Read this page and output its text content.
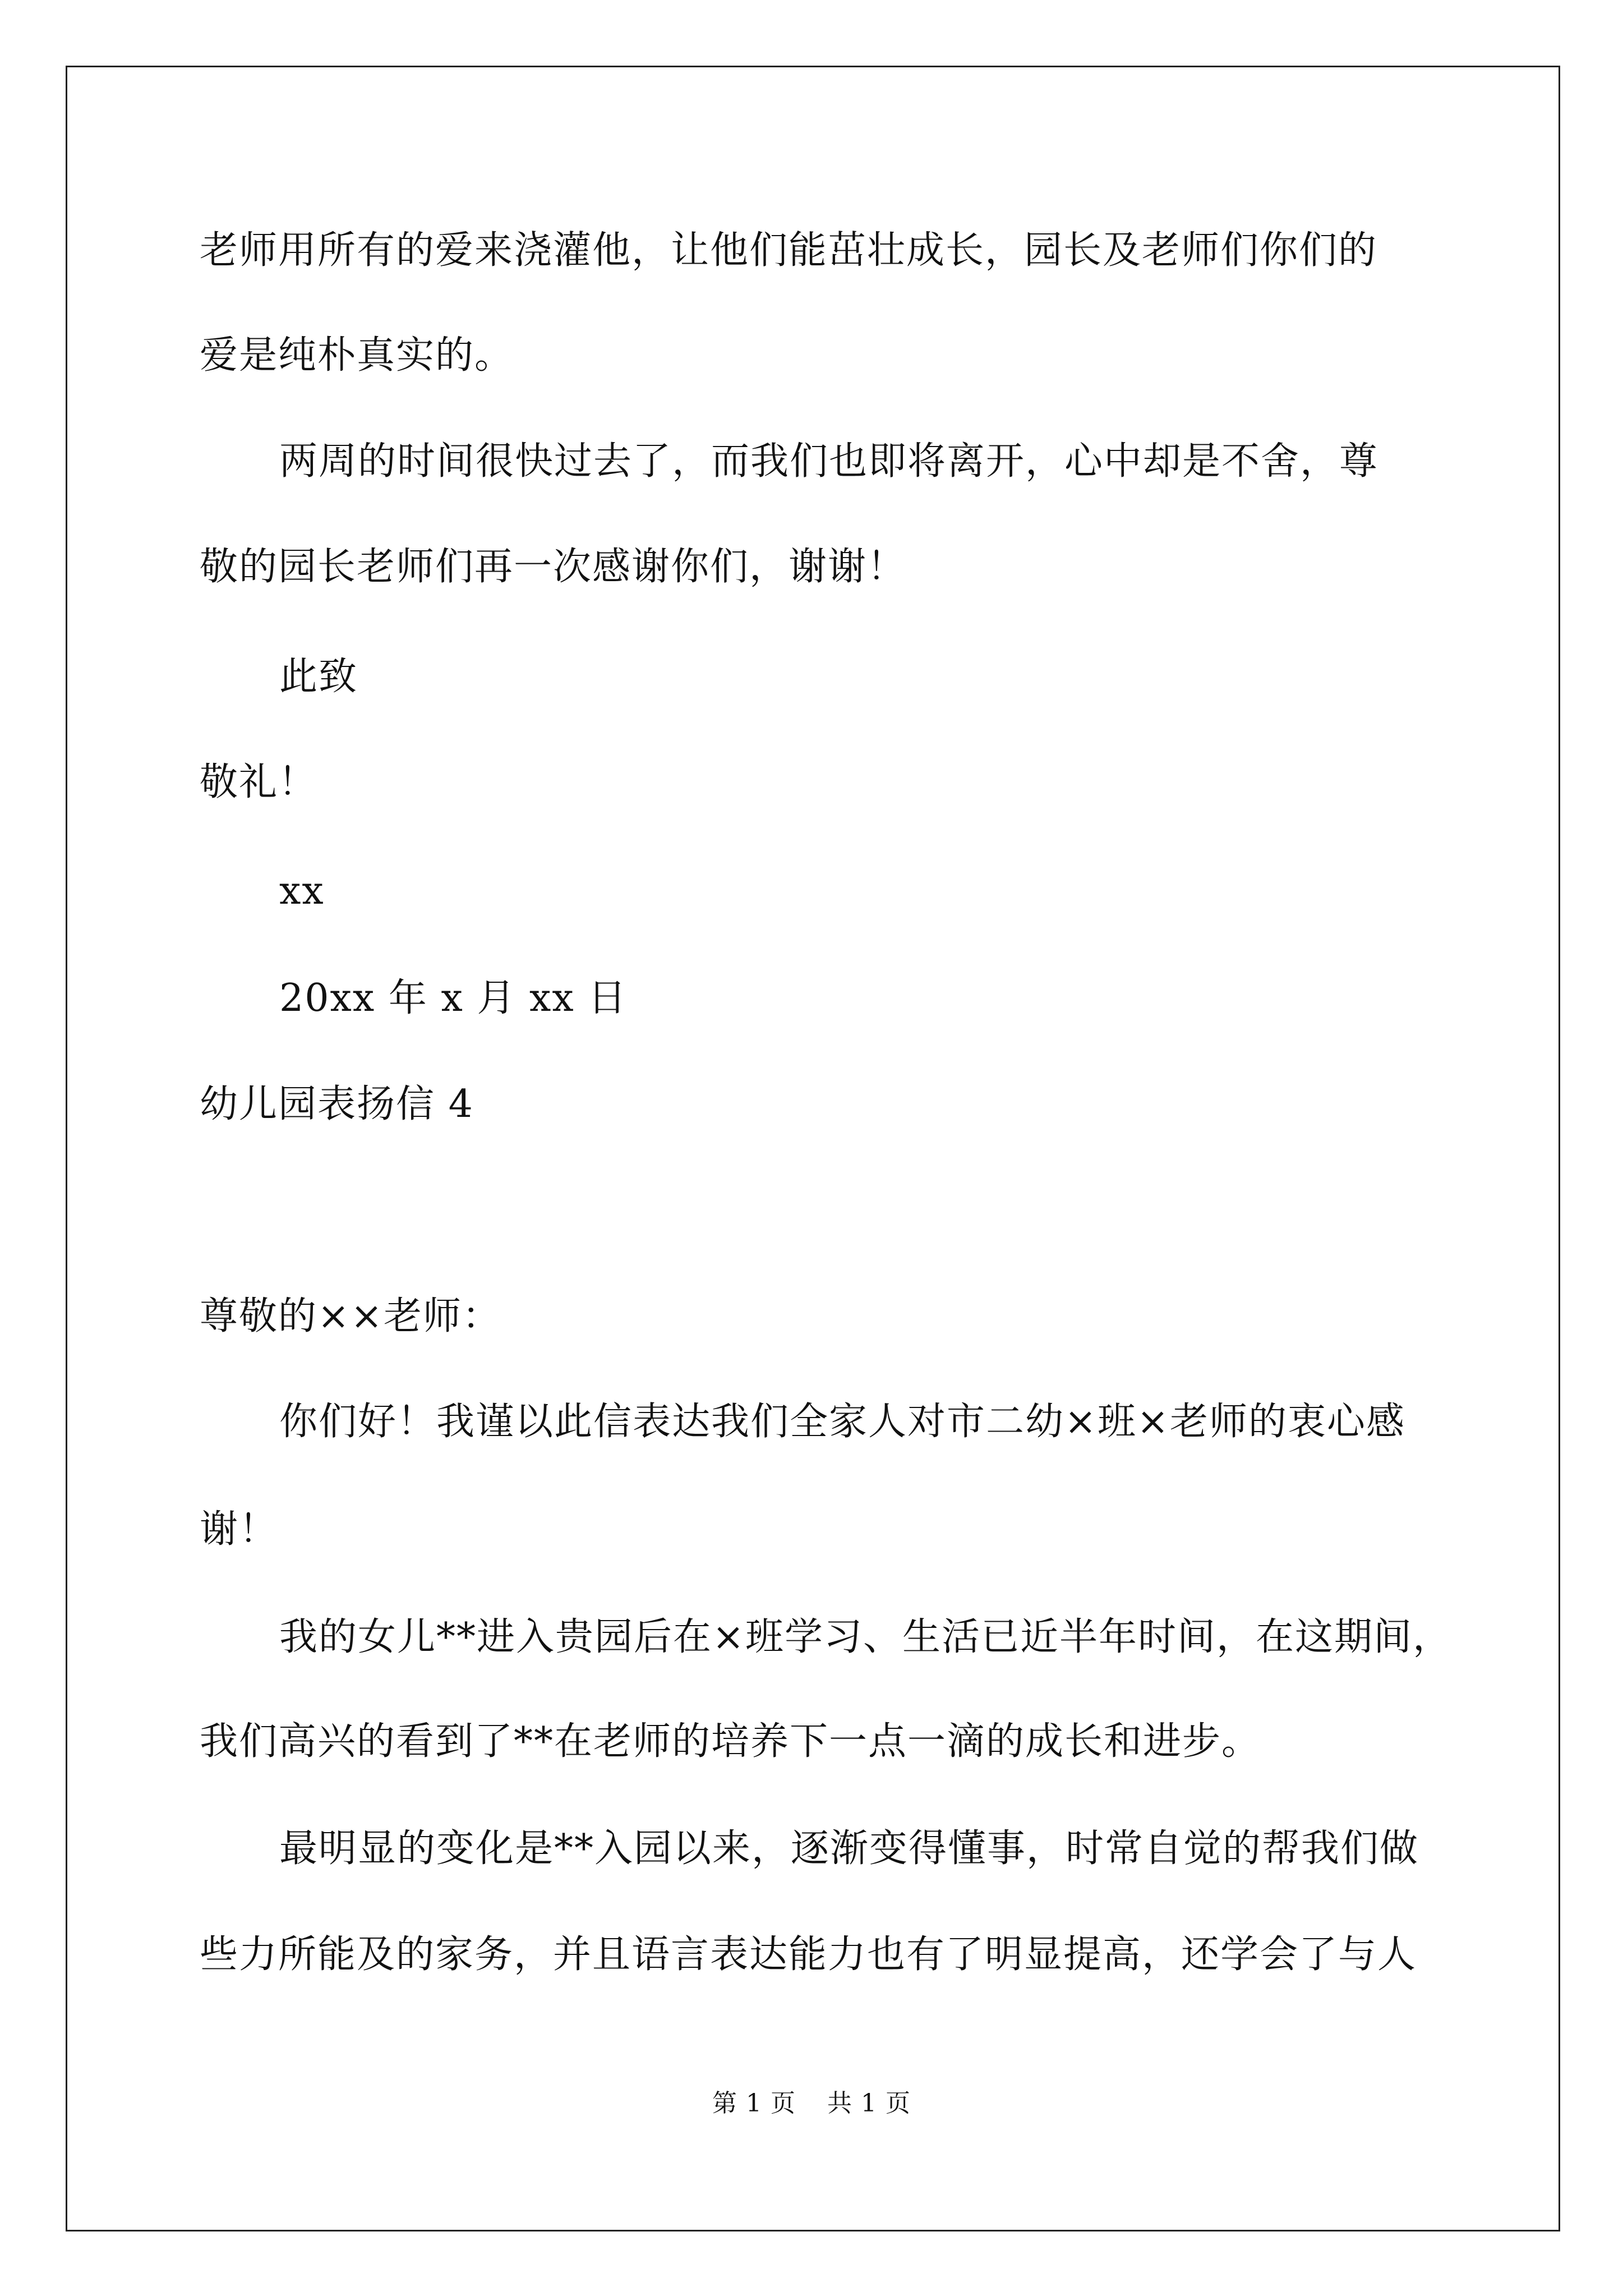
老师用所有的爱来浇灌他，让他们能茁壮成长，园长及老师们你们的
爱是纯朴真实的。
两周的时间很快过去了，而我们也即将离开，心中却是不舍，尊
敬的园长老师们再一次感谢你们，谢谢！
此致
敬礼！
xx
20xx 年 x 月 xx 日
幼儿园表扬信 4
尊敬的××老师：
你们好！我谨以此信表达我们全家人对市二幼×班×老师的衷心感
谢！
我的女儿**进入贵园后在×班学习、生活已近半年时间，在这期间，
我们高兴的看到了**在老师的培养下一点一滴的成长和进步。
最明显的变化是**入园以来，逐渐变得懂事，时常自觉的帮我们做
些力所能及的家务，并且语言表达能力也有了明显提高，还学会了与人
第 1 页 共 1 页
